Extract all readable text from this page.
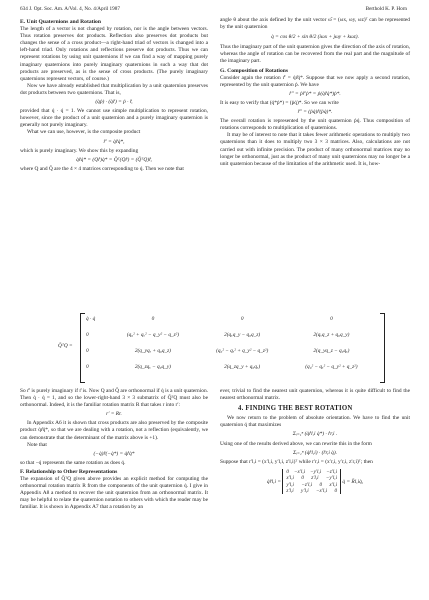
634 J. Opt. Soc. Am. A/Vol. 4, No. 4/April 1987	Berthold K. P. Horn
E. Unit Quaternions and Rotation

The length of a vector is not changed by rotation, nor is the angle between vectors. Thus rotation preserves dot products. Reflection also preserves dot products but changes the sense of a cross product—a right-hand triad of vectors is changed into a left-hand triad. Only rotations and reflections preserve dot products. Thus we can represent rotations by using unit quaternions if we can find a way of mapping purely imaginary quaternions into purely imaginary quaternions in such a way that dot products are preserved, as is the sense of cross products. (The purely imaginary quaternions represent vectors, of course.)

Now we have already established that multiplication by a unit quaternion preserves dot products between two quaternions. That is,

(q̇ṗ) · (q̇r̊) = ṗ · r̊,

provided that q̇ · q̇ = 1. We cannot use simple multiplication to represent rotation, however, since the product of a unit quaternion and a purely imaginary quaternion is generally not purely imaginary.

What we can use, however, is the composite product

r̊′ = q̇r̊q̇*,

which is purely imaginary. We show this by expanding

q̇r̊q̇* = (Qr̊)q̇* = Q̄ᵀ(Qr̊) = (Q̄ᵀQ)r̊,

where Q and Q̄ are the 4 × 4 matrices corresponding to q̇. Then we note that

angle θ about the axis defined by the unit vector ω̂ = (ωx, ωy, ωz)ᵀ can be represented by the unit quaternion

q̇ = cos θ/2 + sin θ/2 (iωx + jωy + kωz).

Thus the imaginary part of the unit quaternion gives the direction of the axis of rotation, whereas the angle of rotation can be recovered from the real part and the magnitude of the imaginary part.

G. Composition of Rotations

Consider again the rotation r̊′ = q̇r̊q̇*. Suppose that we now apply a second rotation, represented by the unit quaternion ṗ. We have

r̊″ = ṗr̊′ṗ* = ṗ(q̇r̊q̇*)ṗ*.

It is easy to verify that (q̇*ṗ*) = (ṗq̇)*. So we can write

r̊″ = (ṗq̇)r̊(ṗq̇)*.

The overall rotation is represented by the unit quaternion ṗq̇. Thus composition of rotations corresponds to multiplication of quaternions.

It may be of interest to note that it takes fewer arithmetic operations to multiply two quaternions than it does to multiply two 3 × 3 matrices. Also, calculations are not carried out with infinite precision. The product of many orthonormal matrices may no longer be orthonormal, just as the product of many unit quaternions may no longer be a unit quaternion because of the limitation of the arithmetic used. It is, how-

Q̄ᵀQ =
q̇ · q̇	0	0	0
0	(q₀² + qₓ² − q_y² − q_z²)	2(qₓq_y − q₀q_z)	2(qₓq_z + q₀q_y)
0	2(q_yqₓ + q₀q_z)	(q₀² − qₓ² + q_y² − q_z²)	2(q_yq_z − q₀qₓ)
0	2(q_zqₓ − q₀q_y)	2(q_zq_y + q₀qₓ)	(q₀² − qₓ² − q_y² + q_z²)

So r̊′ is purely imaginary if r̊ is. Now Q and Q̄ are orthonormal if q̇ is a unit quaternion. Then q̇ · q̇ = 1, and so the lower-right-hand 3 × 3 submatrix of Q̄ᵀQ must also be orthonormal. Indeed, it is the familiar rotation matrix R that takes r into r′:

r′ = Rr.

In Appendix A6 it is shown that cross products are also preserved by the composite product q̇r̊q̇*, so that we are dealing with a rotation, not a reflection (equivalently, we can demonstrate that the determinant of the matrix above is +1).

Note that

(−q̇)r̊(−q̇*) = q̇r̊q̇*

so that −q̇ represents the same rotation as does q̇.

F. Relationship to Other Representations

The expansion of Q̄ᵀQ given above provides an explicit method for computing the orthonormal rotation matrix R from the components of the unit quaternion q̇. I give in Appendix A8 a method to recover the unit quaternion from an orthonormal matrix. It may be helpful to relate the quaternion notation to others with which the reader may be familiar. It is shown in Appendix A7 that a rotation by an

ever, trivial to find the nearest unit quaternion, whereas it is quite difficult to find the nearest orthonormal matrix.

4. FINDING THE BEST ROTATION

We now return to the problem of absolute orientation. We have to find the unit quaternion q̇ that maximizes

Σᵢ₌₁ⁿ (q̇r̊l,i q̇*) · r̊r,i .

Using one of the results derived above, we can rewrite this in the form

Σᵢ₌₁ⁿ (q̇r̊l,i) · (r̊r,i q̇).

Suppose that r′l,i = (x′l,i, y′l,i, z′l,i)ᵀ while r′r,i = (x′r,i, y′r,i, z′r,i)ᵀ; then

q̇r̊l,i =
0 −x′l,i −y′l,i −z′l,i
x′l,i 0 z′l,i −y′l,i
y′l,i −z′l,i 0 x′l,i
z′l,i y′l,i −x′l,i 0
q̇ = R̄l,iq̇,
